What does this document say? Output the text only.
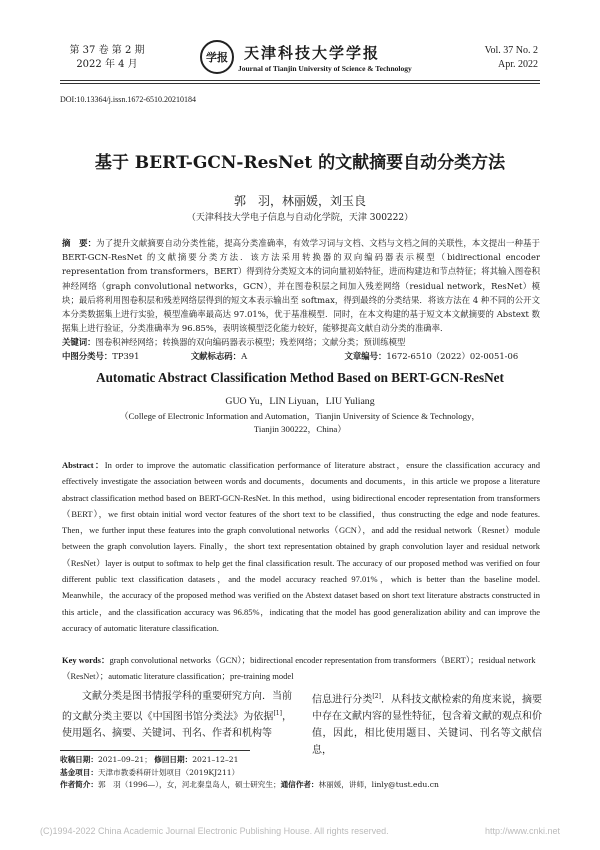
第 37 卷 第 2 期
2022 年 4 月
学报 天津科技大学学报
Journal of Tianjin University of Science & Technology
Vol. 37 No. 2
Apr. 2022
DOI:10.13364/j.issn.1672-6510.20210184
基于 BERT-GCN-ResNet 的文献摘要自动分类方法
郭　羽，林丽媛，刘玉良
（天津科技大学电子信息与自动化学院，天津 300222）
摘　要：为了提升文献摘要自动分类性能，提高分类准确率，有效学习词与文档、文档与文档之间的关联性，本文提出一种基于 BERT-GCN-ResNet 的文献摘要分类方法．该方法采用转换器的双向编码器表示模型（bidirectional encoder representation from transformers，BERT）得到待分类短文本的词向量初始特征，进而构建边和节点特征；将其输入图卷积神经网络（graph convolutional networks，GCN），并在图卷积层之间加入残差网络（residual network，ResNet）模块；最后将利用图卷积层和残差网络层得到的短文本表示输出至 softmax，得到最终的分类结果．将该方法在 4 种不同的公开文本分类数据集上进行实验，模型准确率最高达 97.01%，优于基准模型．同时，在本文构建的基于短文本文献摘要的 Abstext 数据集上进行验证，分类准确率为 96.85%，表明该模型泛化能力较好，能够提高文献自动分类的准确率．
关键词：图卷积神经网络；转换器的双向编码器表示模型；残差网络；文献分类；预训练模型
中图分类号：TP391	文献标志码：A	文章编号：1672-6510（2022）02-0051-06
Automatic Abstract Classification Method Based on BERT-GCN-ResNet
GUO Yu，LIN Liyuan，LIU Yuliang
（College of Electronic Information and Automation，Tianjin University of Science & Technology，
Tianjin 300222，China）
Abstract：In order to improve the automatic classification performance of literature abstract，ensure the classification accuracy and effectively investigate the association between words and documents，documents and documents，in this article we propose a literature abstract classification method based on BERT-GCN-ResNet. In this method，using bidirectional encoder representation from transformers（BERT），we first obtain initial word vector features of the short text to be classified，thus constructing the edge and node features. Then，we further input these features into the graph convolutional networks（GCN），and add the residual network（Resnet）module between the graph convolution layers. Finally，the short text representation obtained by graph convolution layer and residual network（ResNet）layer is output to softmax to help get the final classification result. The accuracy of our proposed method was verified on four different public text classification datasets，and the model accuracy reached 97.01%，which is better than the baseline model. Meanwhile，the accuracy of the proposed method was verified on the Abstext dataset based on short text literature abstracts constructed in this article，and the classification accuracy was 96.85%，indicating that the model has good generalization ability and can improve the accuracy of automatic literature classification.
Key words：graph convolutional networks（GCN）；bidirectional encoder representation from transformers（BERT）；residual network（ResNet）；automatic literature classification；pre-training model
文献分类是图书情报学科的重要研究方向．当前的文献分类主要以《中国图书馆分类法》为依据[1]，使用题名、摘要、关键词、刊名、作者和机构等
信息进行分类[2]．从科技文献检索的角度来说，摘要中存在文献内容的显性特征，包含着文献的观点和价值，因此，相比使用题目、关键词、刊名等文献信息，
收稿日期：2021–09–21； 修回日期：2021–12–21
基金项目：天津市教委科研计划项目（2019KJ211）
作者简介：郭　羽（1996—），女，河北秦皇岛人，硕士研究生；通信作者：林丽媛，讲师，linly@tust.edu.cn
(C)1994-2022 China Academic Journal Electronic Publishing House. All rights reserved.	http://www.cnki.net
